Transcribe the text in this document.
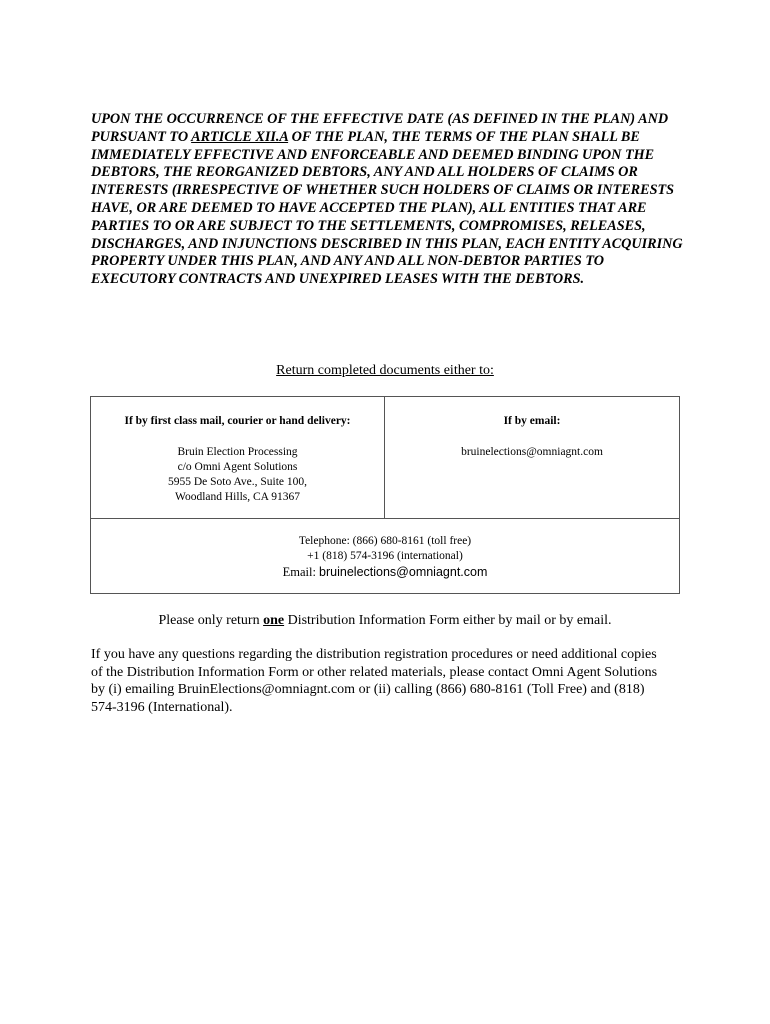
UPON THE OCCURRENCE OF THE EFFECTIVE DATE (AS DEFINED IN THE PLAN) AND PURSUANT TO ARTICLE XII.A OF THE PLAN, THE TERMS OF THE PLAN SHALL BE IMMEDIATELY EFFECTIVE AND ENFORCEABLE AND DEEMED BINDING UPON THE DEBTORS, THE REORGANIZED DEBTORS, ANY AND ALL HOLDERS OF CLAIMS OR INTERESTS (IRRESPECTIVE OF WHETHER SUCH HOLDERS OF CLAIMS OR INTERESTS HAVE, OR ARE DEEMED TO HAVE ACCEPTED THE PLAN), ALL ENTITIES THAT ARE PARTIES TO OR ARE SUBJECT TO THE SETTLEMENTS, COMPROMISES, RELEASES, DISCHARGES, AND INJUNCTIONS DESCRIBED IN THIS PLAN, EACH ENTITY ACQUIRING PROPERTY UNDER THIS PLAN, AND ANY AND ALL NON-DEBTOR PARTIES TO EXECUTORY CONTRACTS AND UNEXPIRED LEASES WITH THE DEBTORS.

Return completed documents either to:

If by first class mail, courier or hand delivery:

Bruin Election Processing
c/o Omni Agent Solutions
5955 De Soto Ave., Suite 100,
Woodland Hills, CA 91367

If by email:

bruinelections@omniagnt.com
Telephone: (866) 680-8161 (toll free)
+1 (818) 574-3196 (international)
Email: bruinelections@omniagnt.com

Please only return one Distribution Information Form either by mail or by email.

If you have any questions regarding the distribution registration procedures or need additional copies of the Distribution Information Form or other related materials, please contact Omni Agent Solutions by (i) emailing BruinElections@omniagnt.com or (ii) calling (866) 680-8161 (Toll Free) and (818) 574-3196 (International).
